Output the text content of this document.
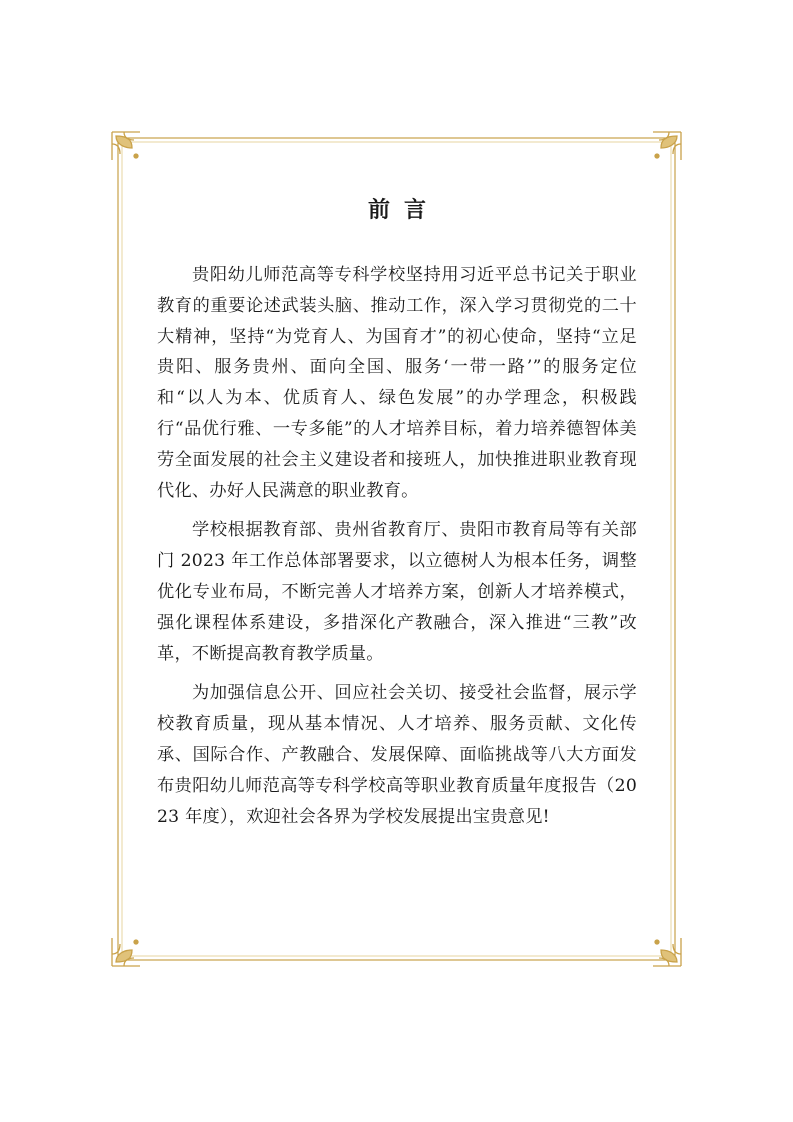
前言

贵阳幼儿师范高等专科学校坚持用习近平总书记关于职业教育的重要论述武装头脑、推动工作，深入学习贯彻党的二十大精神，坚持“为党育人、为国育才”的初心使命，坚持“立足贵阳、服务贵州、面向全国、服务‘一带一路’”的服务定位和“以人为本、优质育人、绿色发展”的办学理念，积极践行“品优行雅、一专多能”的人才培养目标，着力培养德智体美劳全面发展的社会主义建设者和接班人，加快推进职业教育现代化、办好人民满意的职业教育。

学校根据教育部、贵州省教育厅、贵阳市教育局等有关部门 2023 年工作总体部署要求，以立德树人为根本任务，调整优化专业布局，不断完善人才培养方案，创新人才培养模式，强化课程体系建设，多措深化产教融合，深入推进“三教”改革，不断提高教育教学质量。

为加强信息公开、回应社会关切、接受社会监督，展示学校教育质量，现从基本情况、人才培养、服务贡献、文化传承、国际合作、产教融合、发展保障、面临挑战等八大方面发布贵阳幼儿师范高等专科学校高等职业教育质量年度报告（2023 年度），欢迎社会各界为学校发展提出宝贵意见!
